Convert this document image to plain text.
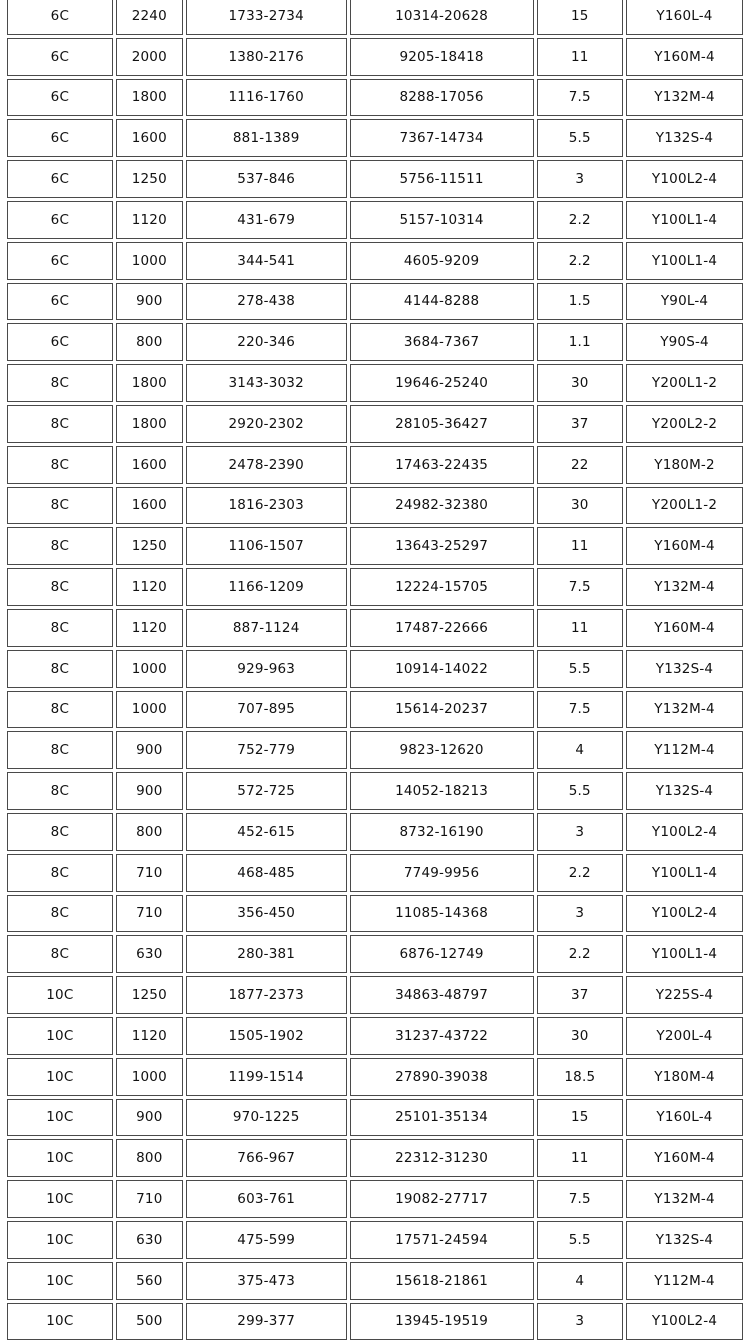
6C	2240	1733-2734	10314-20628	15	Y160L-4
6C	2000	1380-2176	9205-18418	11	Y160M-4
6C	1800	1116-1760	8288-17056	7.5	Y132M-4
6C	1600	881-1389	7367-14734	5.5	Y132S-4
6C	1250	537-846	5756-11511	3	Y100L2-4
6C	1120	431-679	5157-10314	2.2	Y100L1-4
6C	1000	344-541	4605-9209	2.2	Y100L1-4
6C	900	278-438	4144-8288	1.5	Y90L-4
6C	800	220-346	3684-7367	1.1	Y90S-4
8C	1800	3143-3032	19646-25240	30	Y200L1-2
8C	1800	2920-2302	28105-36427	37	Y200L2-2
8C	1600	2478-2390	17463-22435	22	Y180M-2
8C	1600	1816-2303	24982-32380	30	Y200L1-2
8C	1250	1106-1507	13643-25297	11	Y160M-4
8C	1120	1166-1209	12224-15705	7.5	Y132M-4
8C	1120	887-1124	17487-22666	11	Y160M-4
8C	1000	929-963	10914-14022	5.5	Y132S-4
8C	1000	707-895	15614-20237	7.5	Y132M-4
8C	900	752-779	9823-12620	4	Y112M-4
8C	900	572-725	14052-18213	5.5	Y132S-4
8C	800	452-615	8732-16190	3	Y100L2-4
8C	710	468-485	7749-9956	2.2	Y100L1-4
8C	710	356-450	11085-14368	3	Y100L2-4
8C	630	280-381	6876-12749	2.2	Y100L1-4
10C	1250	1877-2373	34863-48797	37	Y225S-4
10C	1120	1505-1902	31237-43722	30	Y200L-4
10C	1000	1199-1514	27890-39038	18.5	Y180M-4
10C	900	970-1225	25101-35134	15	Y160L-4
10C	800	766-967	22312-31230	11	Y160M-4
10C	710	603-761	19082-27717	7.5	Y132M-4
10C	630	475-599	17571-24594	5.5	Y132S-4
10C	560	375-473	15618-21861	4	Y112M-4
10C	500	299-377	13945-19519	3	Y100L2-4
